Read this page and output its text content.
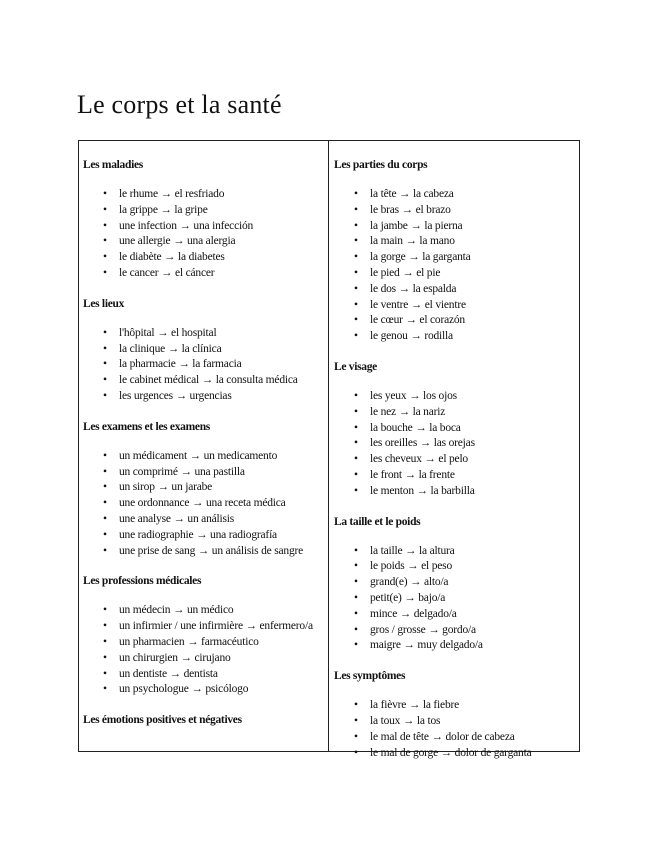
Le corps et la santé
Les maladies
• le rhume → el resfriado
• la grippe → la gripe
• une infection → una infección
• une allergie → una alergia
• le diabète → la diabetes
• le cancer → el cáncer
Les lieux
• l'hôpital → el hospital
• la clinique → la clínica
• la pharmacie → la farmacia
• le cabinet médical → la consulta médica
• les urgences → urgencias
Les examens et les examens
• un médicament → un medicamento
• un comprimé → una pastilla
• un sirop → un jarabe
• une ordonnance → una receta médica
• une analyse → un análisis
• une radiographie → una radiografía
• une prise de sang → un análisis de sangre
Les professions médicales
• un médecin → un médico
• un infirmier / une infirmière → enfermero/a
• un pharmacien → farmacéutico
• un chirurgien → cirujano
• un dentiste → dentista
• un psychologue → psicólogo
Les émotions positives et négatives
Les parties du corps
• la tête → la cabeza
• le bras → el brazo
• la jambe → la pierna
• la main → la mano
• la gorge → la garganta
• le pied → el pie
• le dos → la espalda
• le ventre → el vientre
• le cœur → el corazón
• le genou → rodilla
Le visage
• les yeux → los ojos
• le nez → la nariz
• la bouche → la boca
• les oreilles → las orejas
• les cheveux → el pelo
• le front → la frente
• le menton → la barbilla
La taille et le poids
• la taille → la altura
• le poids → el peso
• grand(e) → alto/a
• petit(e) → bajo/a
• mince → delgado/a
• gros / grosse → gordo/a
• maigre → muy delgado/a
Les symptômes
• la fièvre → la fiebre
• la toux → la tos
• le mal de tête → dolor de cabeza
• le mal de gorge → dolor de garganta
